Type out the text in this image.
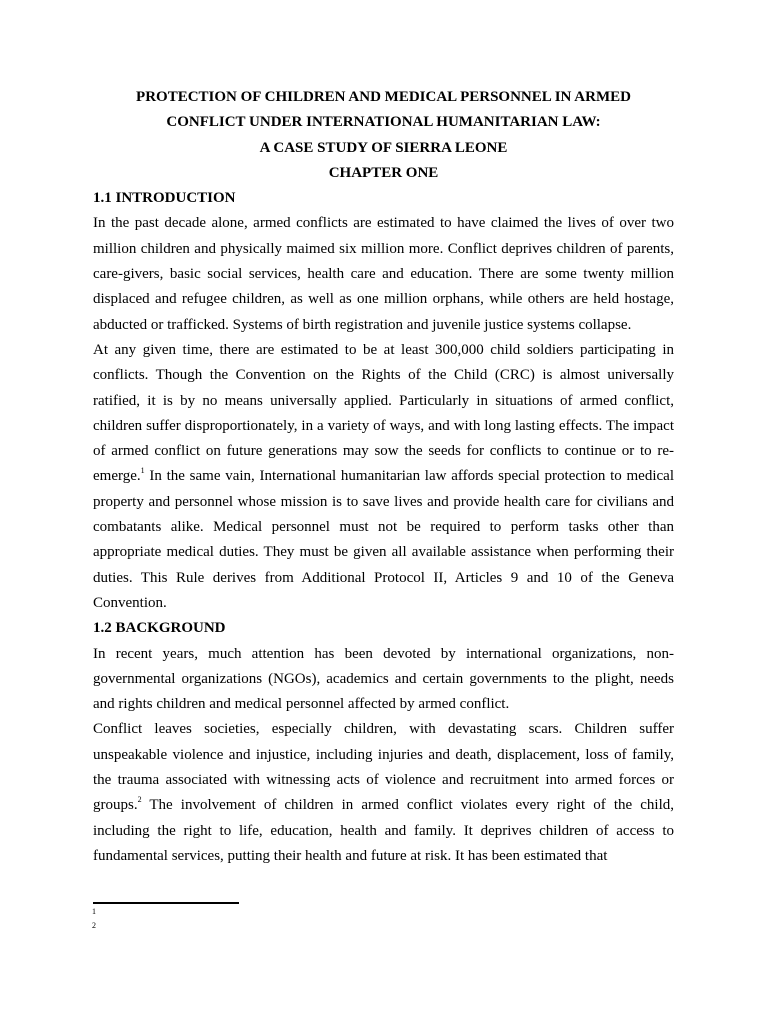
PROTECTION OF CHILDREN AND MEDICAL PERSONNEL IN ARMED
CONFLICT UNDER INTERNATIONAL HUMANITARIAN LAW:
A CASE STUDY OF SIERRA LEONE
CHAPTER ONE
1.1 INTRODUCTION

In the past decade alone, armed conflicts are estimated to have claimed the lives of over two million children and physically maimed six million more. Conflict deprives children of parents, care-givers, basic social services, health care and education. There are some twenty million displaced and refugee children, as well as one million orphans, while others are held hostage, abducted or trafficked. Systems of birth registration and juvenile justice systems collapse.

At any given time, there are estimated to be at least 300,000 child soldiers participating in conflicts. Though the Convention on the Rights of the Child (CRC) is almost universally ratified, it is by no means universally applied. Particularly in situations of armed conflict, children suffer disproportionately, in a variety of ways, and with long lasting effects. The impact of armed conflict on future generations may sow the seeds for conflicts to continue or to re-emerge.$^1$ In the same vain, International humanitarian law affords special protection to medical property and personnel whose mission is to save lives and provide health care for civilians and combatants alike. Medical personnel must not be required to perform tasks other than appropriate medical duties. They must be given all available assistance when performing their duties. This Rule derives from Additional Protocol II, Articles 9 and 10 of the Geneva Convention.

1.2 BACKGROUND

In recent years, much attention has been devoted by international organizations, non-governmental organizations (NGOs), academics and certain governments to the plight, needs and rights children and medical personnel affected by armed conflict.

Conflict leaves societies, especially children, with devastating scars. Children suffer unspeakable violence and injustice, including injuries and death, displacement, loss of family, the trauma associated with witnessing acts of violence and recruitment into armed forces or groups.$^2$ The involvement of children in armed conflict violates every right of the child, including the right to life, education, health and family. It deprives children of access to fundamental services, putting their health and future at risk. It has been estimated that

1
2
